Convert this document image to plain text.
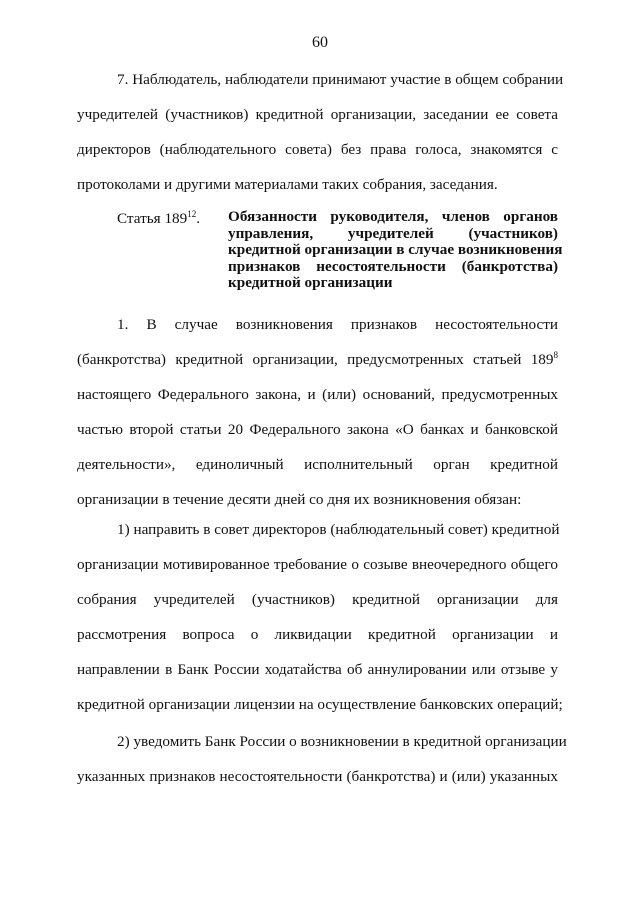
60
7. Наблюдатель, наблюдатели принимают участие в общем собрании
учредителей (участников) кредитной организации, заседании ее совета
директоров (наблюдательного совета) без права голоса, знакомятся с
протоколами и другими материалами таких собрания, заседания.
Статья $189^{12}$. Обязанности руководителя, членов органов
управления, учредителей (участников)
кредитной организации в случае возникновения
признаков несостоятельности (банкротства)
кредитной организации
1. В случае возникновения признаков несостоятельности
(банкротства) кредитной организации, предусмотренных статьей $189^8$
настоящего Федерального закона, и (или) оснований, предусмотренных
частью второй статьи 20 Федерального закона «О банках и банковской
деятельности», единоличный исполнительный орган кредитной
организации в течение десяти дней со дня их возникновения обязан:
1) направить в совет директоров (наблюдательный совет) кредитной
организации мотивированное требование о созыве внеочередного общего
собрания учредителей (участников) кредитной организации для
рассмотрения вопроса о ликвидации кредитной организации и
направлении в Банк России ходатайства об аннулировании или отзыве у
кредитной организации лицензии на осуществление банковских операций;
2) уведомить Банк России о возникновении в кредитной организации
указанных признаков несостоятельности (банкротства) и (или) указанных
